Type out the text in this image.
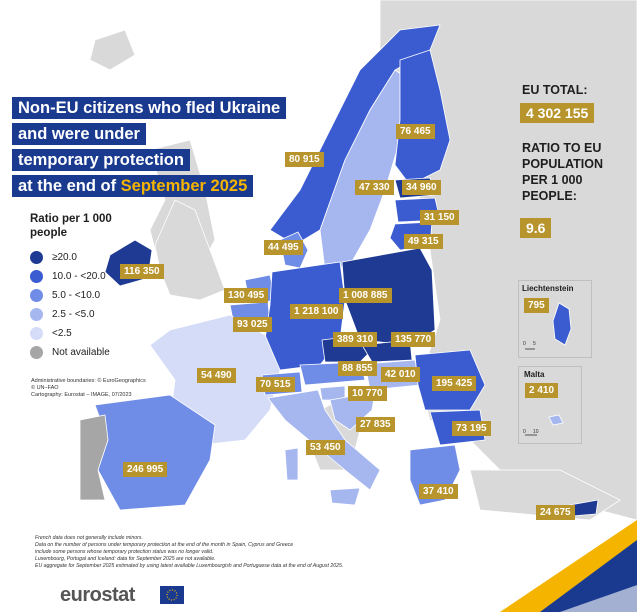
Non-EU citizens who fled Ukraine
and were under
temporary protection
at the end of September 2025
Ratio per 1 000 people
≥20.0
10.0 - <20.0
5.0 - <10.0
2.5 - <5.0
<2.5
Not available
Administrative boundaries: © EuroGeographics
© UN–FAO
Cartography: Eurostat – IMAGE, 07/2023
EU TOTAL:
4 302 155
RATIO TO EU
POPULATION
PER 1 000
PEOPLE:
9.6
76 465
80 915
47 330	34 960
31 150
49 315
116 350
44 495
130 495
1 218 100
1 008 885
93 025
389 310	135 770
54 490
70 515
88 855
42 010
195 425
10 770
27 835	73 195
53 450
246 995
37 410
24 675
Liechtenstein
795
0 5
Malta
2 410
0 10
French data does not generally include minors.
Data on the number of persons under temporary protection at the end of the month in Spain, Cyprus and Greece
include some persons whose temporary protection status was no longer valid.
Luxembourg, Portugal and Iceland: data for September 2025 are not available.
EU aggregate for September 2025 estimated by using latest available Luxembourgish and Portuguese data at the end of August 2025.
eurostat
